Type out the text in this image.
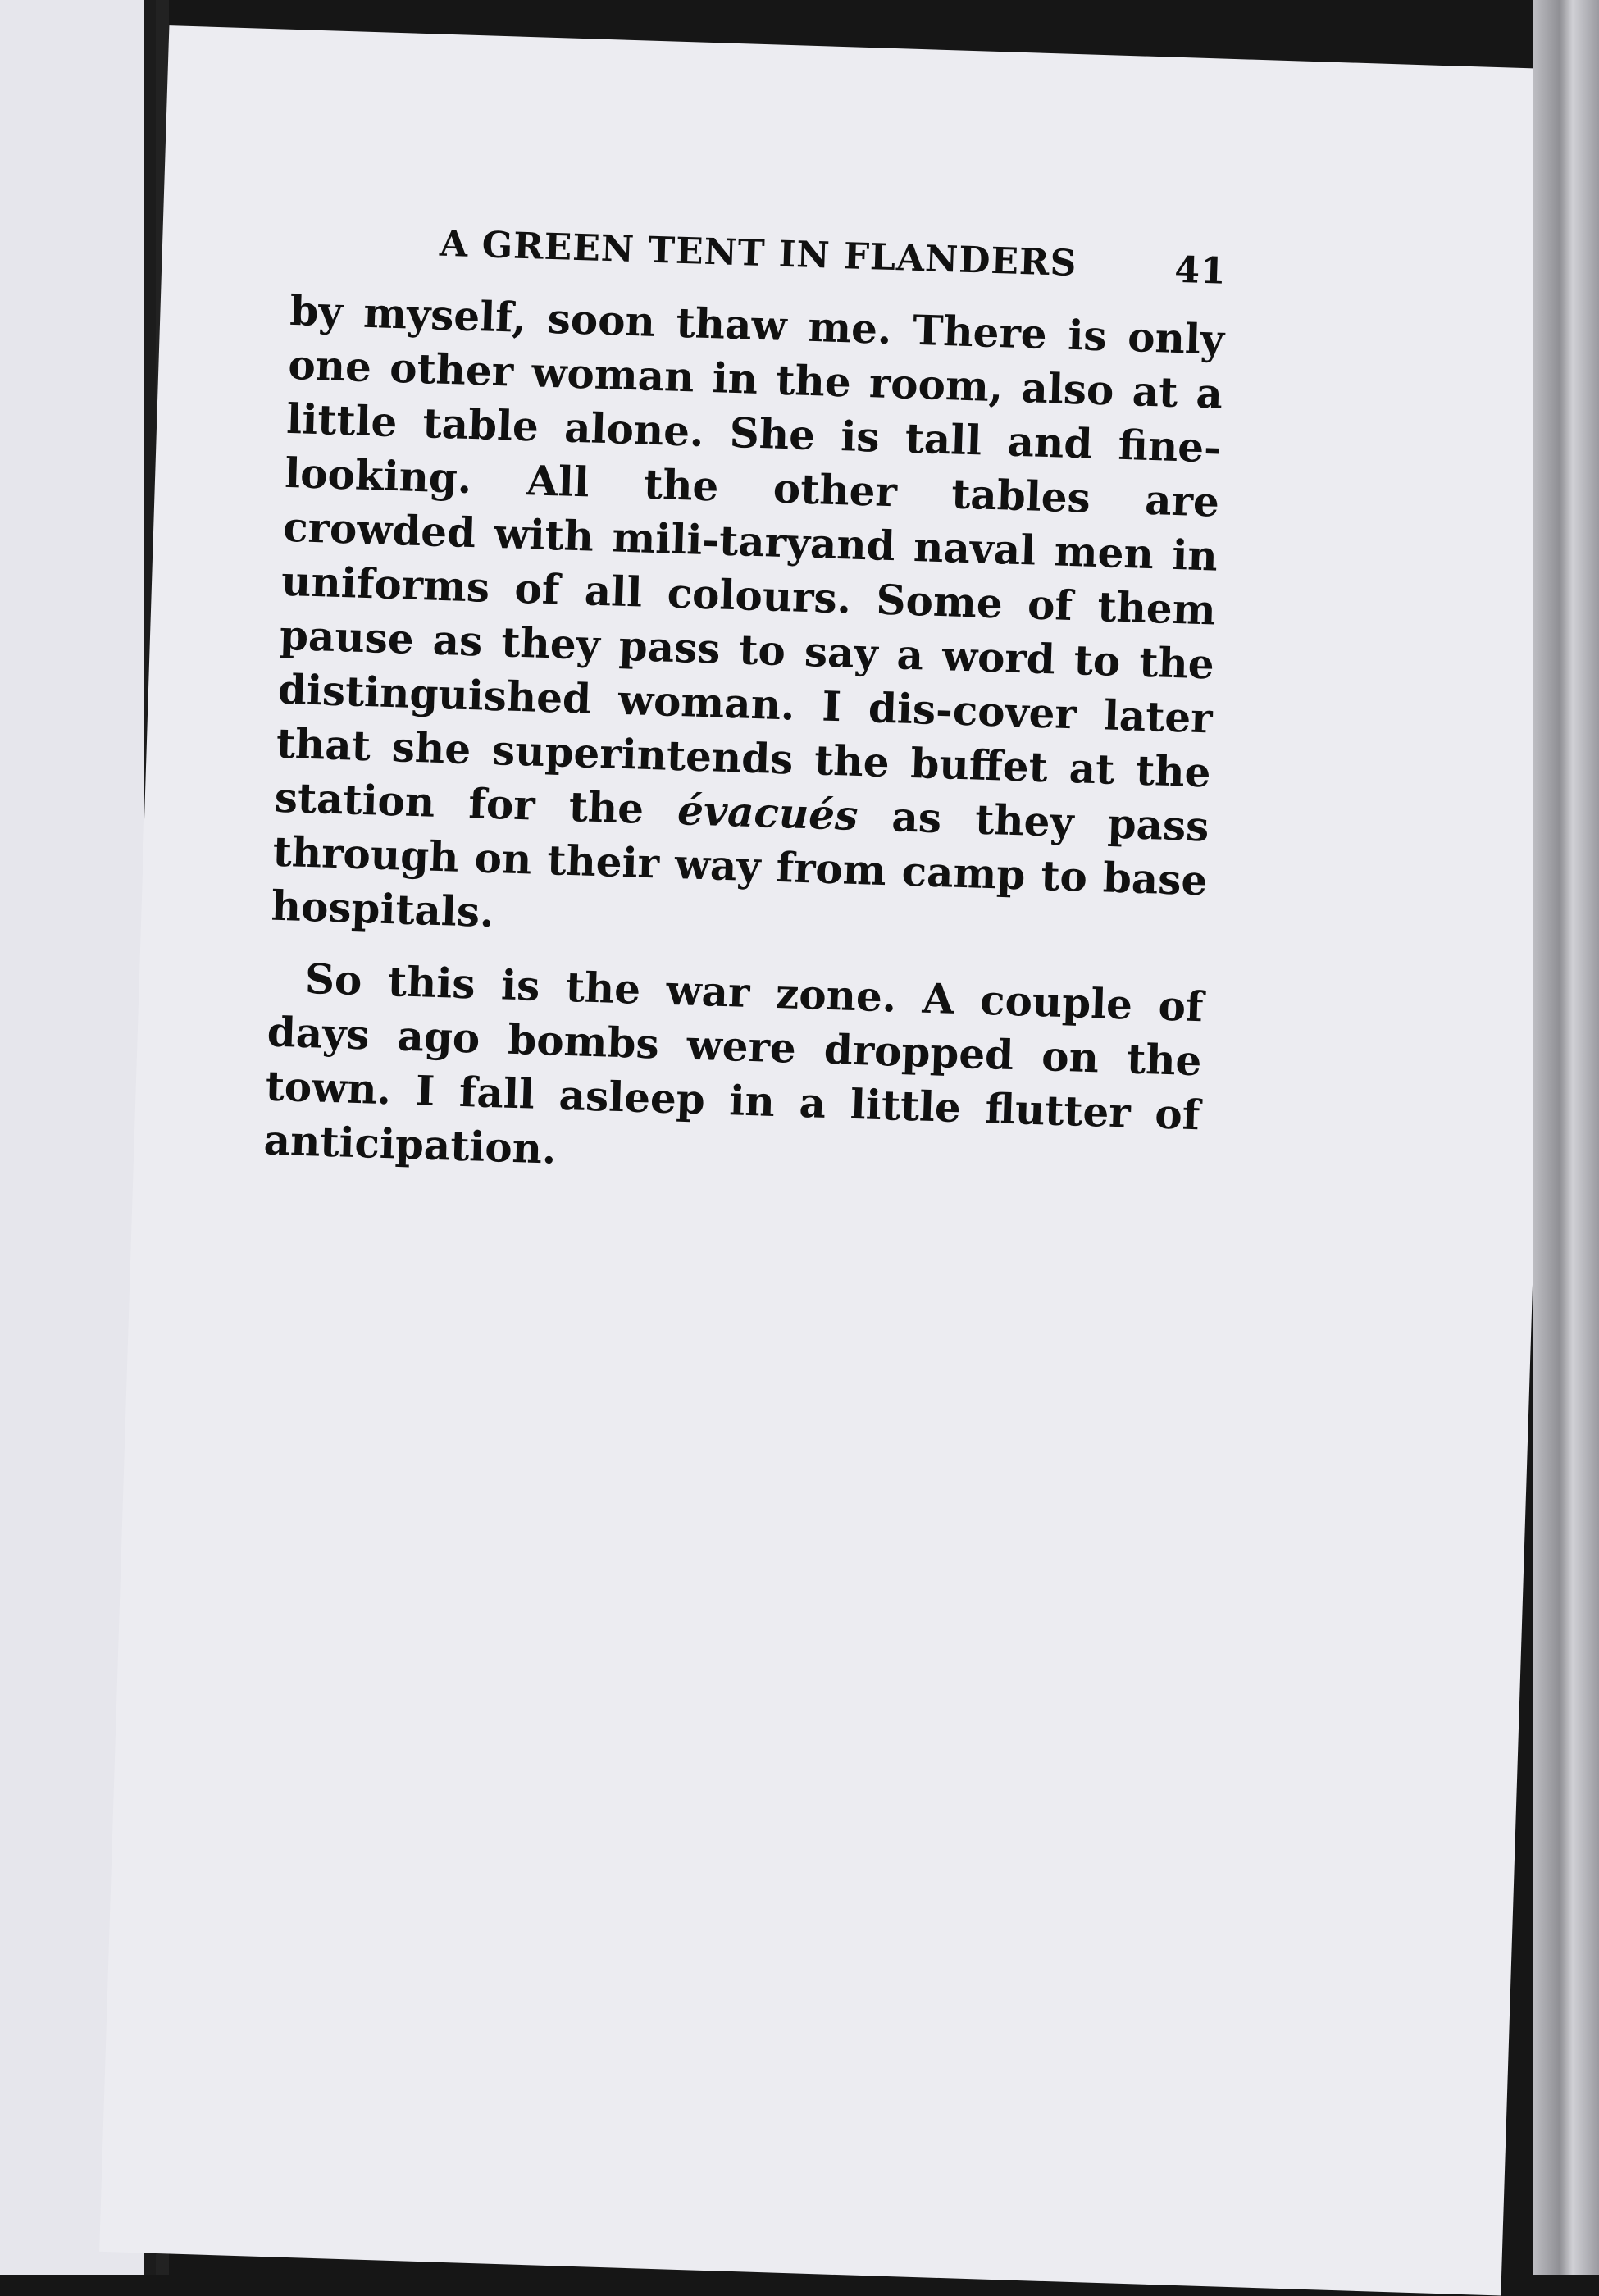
A GREEN TENT IN FLANDERS	41

by myself, soon thaw me. There is only one other woman in the room, also at a little table alone. She is tall and fine-looking. All the other tables are crowded with mili-taryand naval men in uniforms of all colours. Some of them pause as they pass to say a word to the distinguished woman. I dis-cover later that she superintends the buffet at the station for the évacués as they pass through on their way from camp to base hospitals.

So this is the war zone. A couple of days ago bombs were dropped on the town. I fall asleep in a little flutter of anticipation.
